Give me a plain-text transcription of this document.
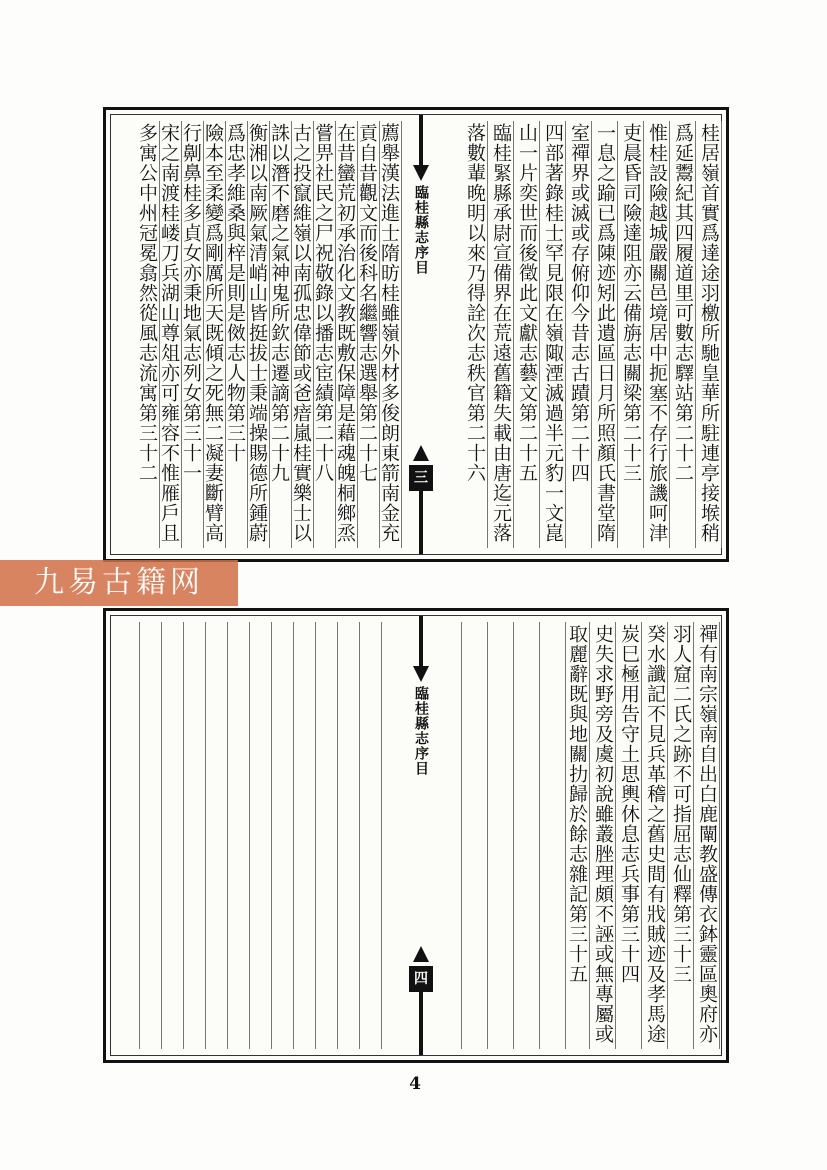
桂居嶺首實爲達途羽檄所馳皇華所駐連亭接堠稍
爲延鬻紀其四履道里可數志驛站第二十二
惟桂設險越城嚴關邑境居中扼塞不存行旅譏呵津
吏晨昏司險達阻亦云備旃志關梁第二十三
一息之踰已爲陳迹矧此遺區日月所照顏氏書堂隋
室禪界或滅或存俯仰今昔志古蹟第二十四
四部著錄桂士罕見限在嶺陬湮滅過半元豹一文崑
山一片奕世而後徵此文獻志藝文第二十五
臨桂緊縣承尉宣備界在荒遠舊籍失載由唐迄元落
落數輩晚明以來乃得詮次志秩官第二十六
薦舉漢法進士隋昉桂雖嶺外材多俊朗東箭南金充
貢自昔觀文而後科名繼響志選舉第二十七
在昔蠻荒初承治化文教既敷保障是藉魂魄桐鄉烝
嘗畀社民之尸祝敬錄以播志宦績第二十八
古之投竄維嶺以南孤忠偉節或爸瘖嵐桂實樂士以
誅以潛不磨之氣神鬼所欽志遷謫第二十九
衡湘以南厥氣清峭山皆挺拔士秉端操賜德所鍾蔚
爲忠孝維桑與梓是則是傚志人物第三十
險本至柔變爲剛厲所天既傾之死無二凝妻斷臂高
行劓鼻桂多貞女亦秉地氣志列女第三十一
宋之南渡桂嵝刀兵湖山尊俎亦可雍容不惟雁戶且
多寓公中州冠冕翕然從風志流寓第三十二	臨桂縣志序目
三
禪有南宗嶺南自出白鹿闡教盛傳衣鉢靈區奧府亦
羽人窟二氏之跡不可指屈志仙釋第三十三
癸水讖記不見兵革稽之舊史間有戕賊迹及孝馬途
炭巳極用告守土思輿休息志兵事第三十四
史失求野旁及虞初說雖叢脞理頗不誣或無專屬或
取麗辭既與地關扐歸於餘志雜記第三十五
臨桂縣志序目
四
九易古籍网
4
